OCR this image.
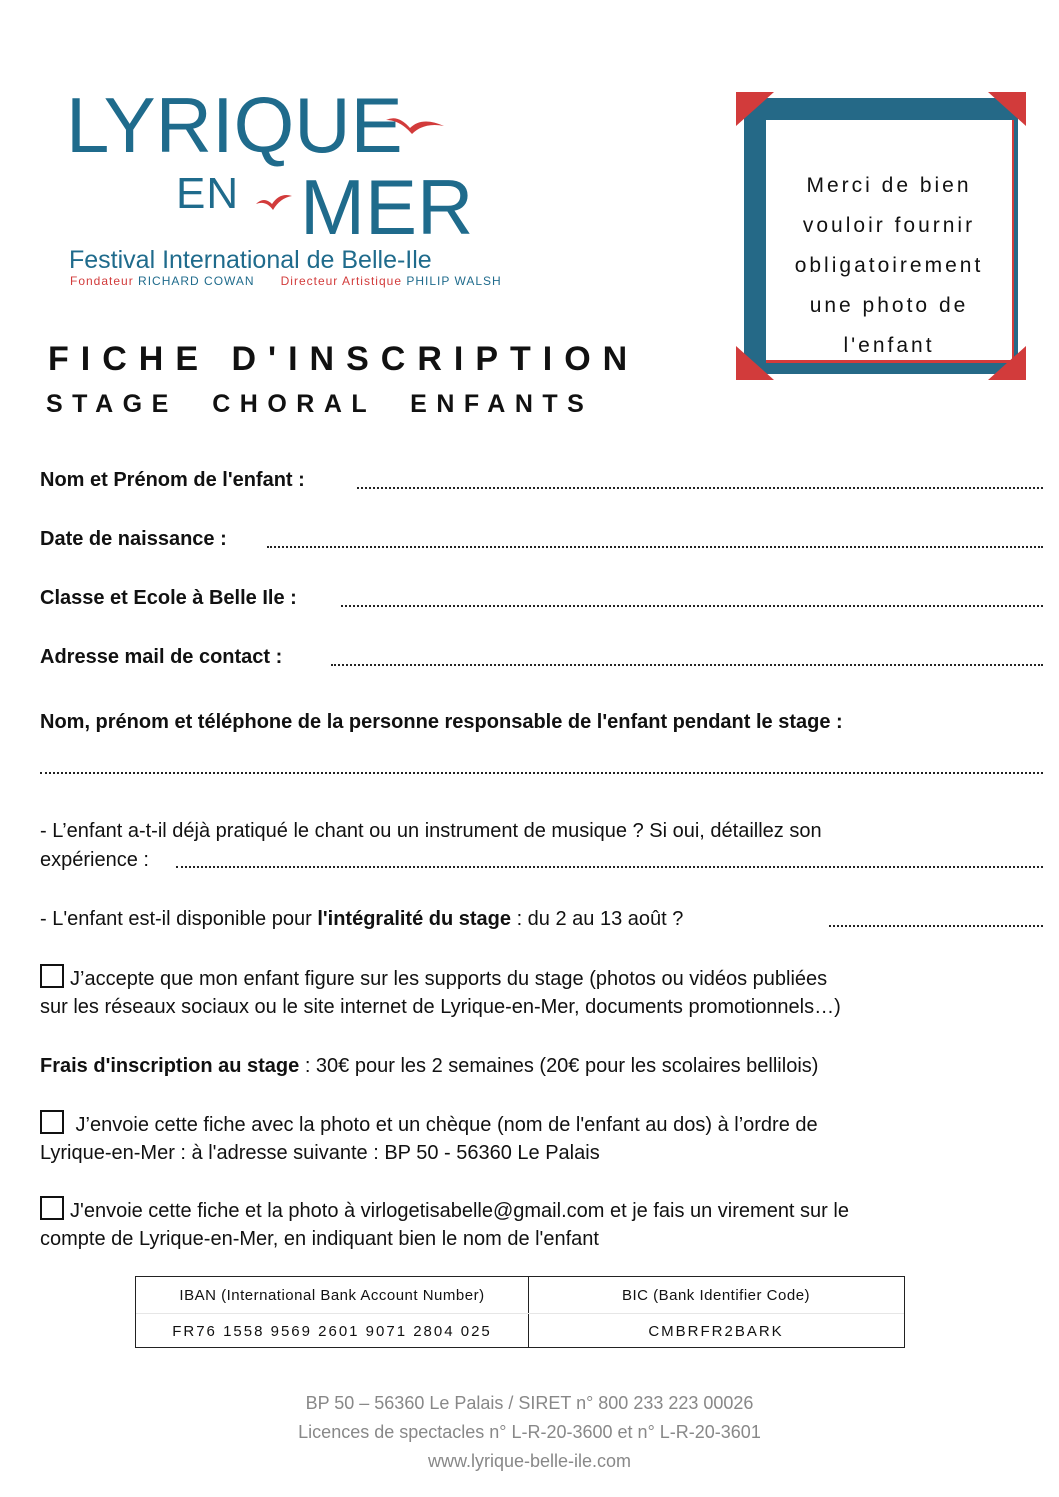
LYRIQUE
EN MER
Festival International de Belle-Ile
Fondateur RICHARD COWAN Directeur Artistique PHILIP WALSH
Merci de bien
vouloir fournir
obligatoirement
une photo de
l'enfant
FICHE D'INSCRIPTION
STAGE CHORAL ENFANTS
Nom et Prénom de l'enfant :
Date de naissance :
Classe et Ecole à Belle Ile :
Adresse mail de contact :
Nom, prénom et téléphone de la personne responsable de l'enfant pendant le stage :
- L’enfant a-t-il déjà pratiqué le chant ou un instrument de musique ? Si oui, détaillez son
expérience :
- L'enfant est-il disponible pour l'intégralité du stage : du 2 au 13 août ?
J’accepte que mon enfant figure sur les supports du stage (photos ou vidéos publiées
sur les réseaux sociaux ou le site internet de Lyrique-en-Mer, documents promotionnels…)
Frais d'inscription au stage : 30€ pour les 2 semaines (20€ pour les scolaires bellilois)
J’envoie cette fiche avec la photo et un chèque (nom de l'enfant au dos) à l’ordre de
Lyrique-en-Mer : à l'adresse suivante : BP 50 - 56360 Le Palais
J'envoie cette fiche et la photo à virlogetisabelle@gmail.com et je fais un virement sur le
compte de Lyrique-en-Mer, en indiquant bien le nom de l'enfant
IBAN (International Bank Account Number)
FR76 1558 9569 2601 9071 2804 025
BIC (Bank Identifier Code)
CMBRFR2BARK
BP 50 – 56360 Le Palais / SIRET n° 800 233 223 00026
Licences de spectacles n° L-R-20-3600 et n° L-R-20-3601
www.lyrique-belle-ile.com
